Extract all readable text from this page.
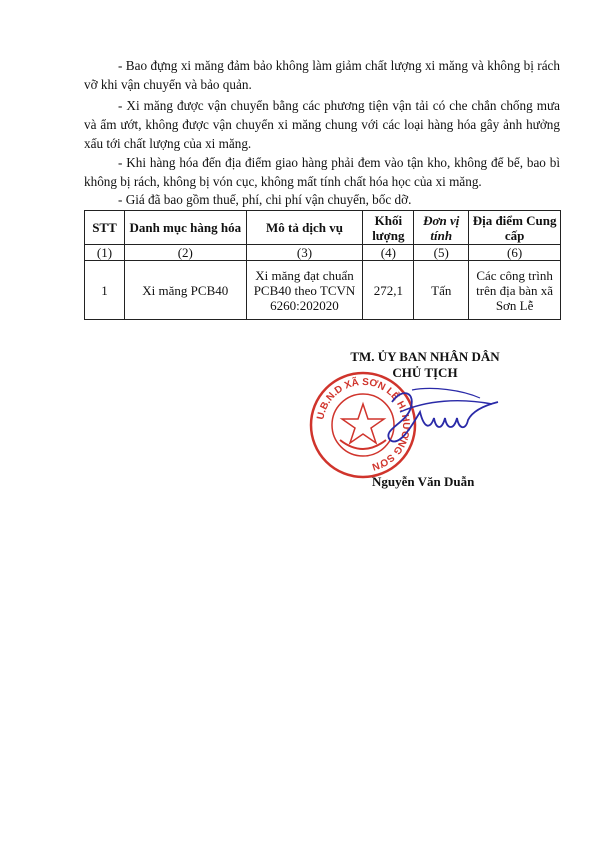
- Bao đựng xi măng đảm bảo không làm giảm chất lượng xi măng và không bị rách vỡ khi vận chuyển và bảo quản.

- Xi măng được vận chuyển bằng các phương tiện vận tải có che chắn chống mưa và ẩm ướt, không được vận chuyển xi măng chung với các loại hàng hóa gây ảnh hưởng xấu tới chất lượng của xi măng.

- Khi hàng hóa đến địa điểm giao hàng phải đem vào tận kho, không để bể, bao bì không bị rách, không bị vón cục, không mất tính chất hóa học của xi măng.

- Giá đã bao gồm thuế, phí, chi phí vận chuyển, bốc dỡ.

STT	Danh mục hàng hóa	Mô tả dịch vụ	Khối lượng	Đơn vị tính	Địa điểm Cung cấp
(1)	(2)	(3)	(4)	(5)	(6)
1	Xi măng PCB40	Xi măng đạt chuẩn PCB40 theo TCVN 6260:202020	272,1	Tấn	Các công trình trên địa bàn xã Sơn Lễ
TM. ỦY BAN NHÂN DÂN
CHỦ TỊCH
U.B.N.D XÃ SƠN LỄ H. HƯƠNG SƠN
Nguyễn Văn Duẫn
